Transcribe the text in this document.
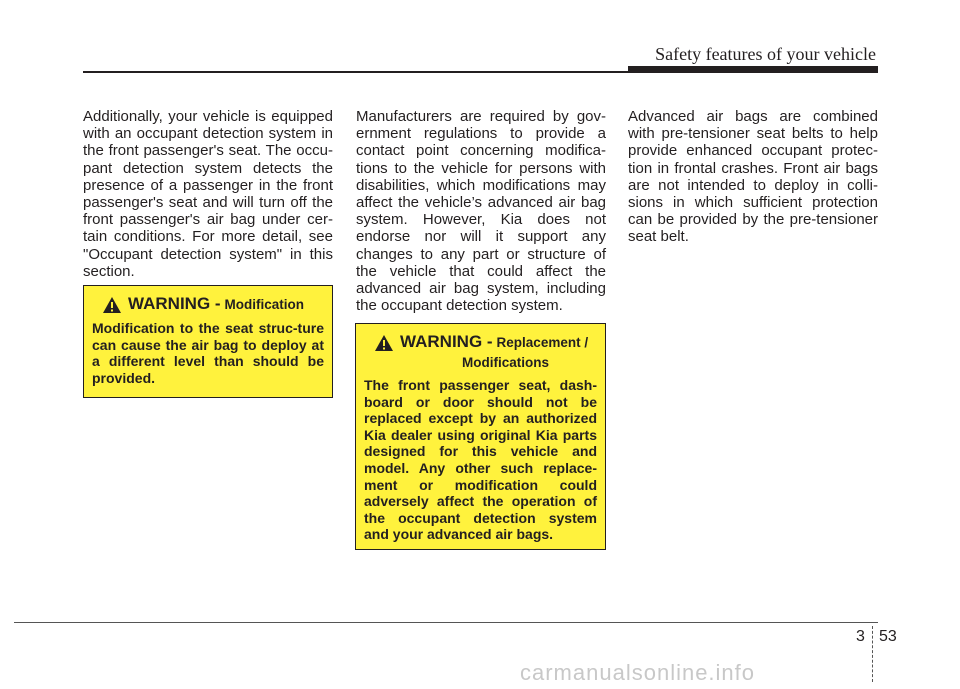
Safety features of your vehicle

Additionally, your vehicle is equipped with an occupant detection system in the front passenger's seat. The occu-pant detection system detects the presence of a passenger in the front passenger's seat and will turn off the front passenger's air bag under cer-tain conditions. For more detail, see "Occupant detection system" in this section.

Manufacturers are required by gov-ernment regulations to provide a contact point concerning modifica-tions to the vehicle for persons with disabilities, which modifications may affect the vehicle’s advanced air bag system. However, Kia does not endorse nor will it support any changes to any part or structure of the vehicle that could affect the advanced air bag system, including the occupant detection system.

Advanced air bags are combined with pre-tensioner seat belts to help provide enhanced occupant protec-tion in frontal crashes. Front air bags are not intended to deploy in colli-sions in which sufficient protection can be provided by the pre-tensioner seat belt.

WARNING - Modification

Modification to the seat struc-ture can cause the air bag to deploy at a different level than should be provided.

WARNING - Replacement /
Modifications

The front passenger seat, dash-board or door should not be replaced except by an authorized Kia dealer using original Kia parts designed for this vehicle and model. Any other such replace-ment or modification could adversely affect the operation of the occupant detection system and your advanced air bags.

3 53
carmanualsonline.info
